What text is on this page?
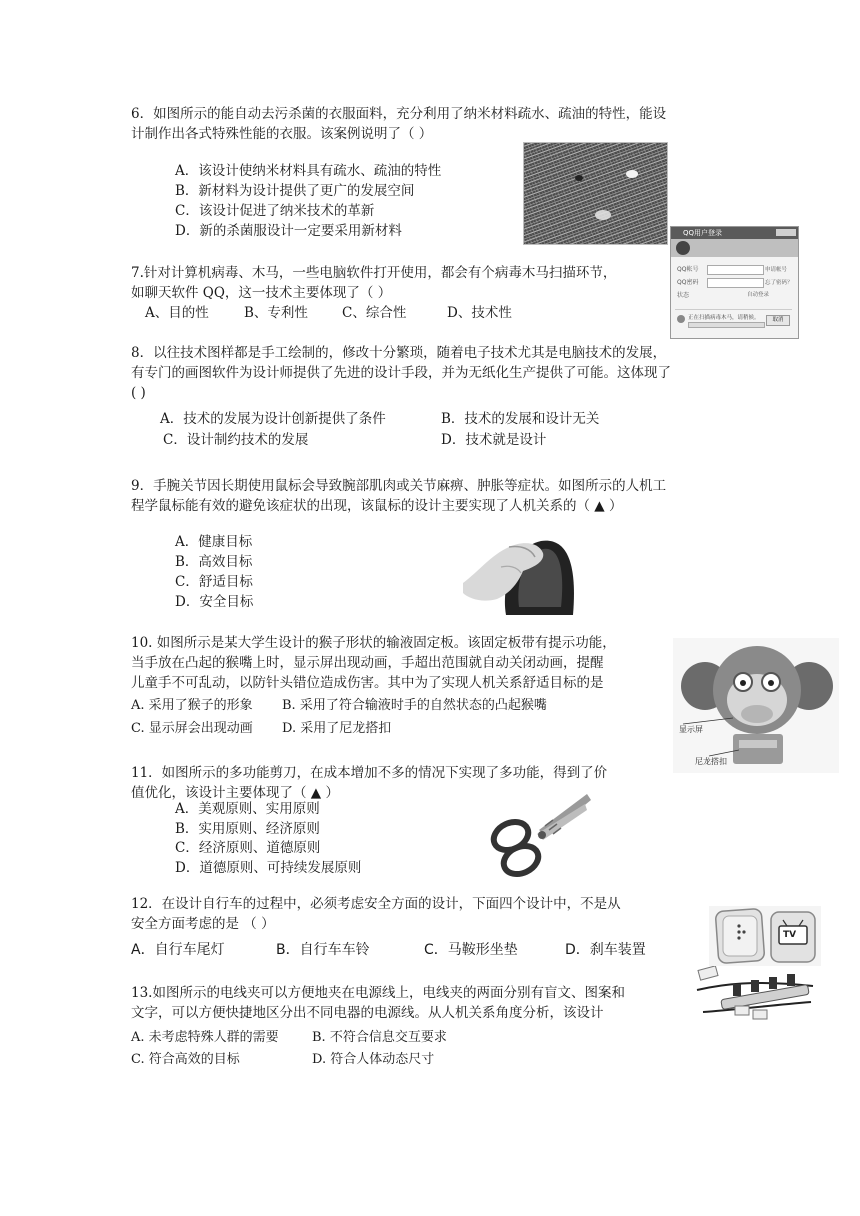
6．如图所示的能自动去污杀菌的衣服面料，充分利用了纳米材料疏水、疏油的特性，能设
计制作出各式特殊性能的衣服。该案例说明了（ ）
A．该设计使纳米材料具有疏水、疏油的特性
B．新材料为设计提供了更广的发展空间
C．该设计促进了纳米技术的革新
D．新的杀菌服设计一定要采用新材料
7.针对计算机病毒、木马，一些电脑软件打开使用，都会有个病毒木马扫描环节，
如聊天软件 QQ，这一技术主要体现了（ ）
A、目的性	B、专利性	C、综合性	D、技术性
QQ用户登录
QQ帐号
QQ密码
状态
申请帐号
忘了密码？
自动登录
正在扫描病毒木马，请稍候。	取消
8．以往技术图样都是手工绘制的，修改十分繁琐，随着电子技术尤其是电脑技术的发展，
有专门的画图软件为设计师提供了先进的设计手段，并为无纸化生产提供了可能。这体现了
( )
A．技术的发展为设计创新提供了条件	B．技术的发展和设计无关
C．设计制约技术的发展	D．技术就是设计
9．手腕关节因长期使用鼠标会导致腕部肌肉或关节麻痹、肿胀等症状。如图所示的人机工
程学鼠标能有效的避免该症状的出现，该鼠标的设计主要实现了人机关系的（ ▲ ）
A．健康目标
B．高效目标
C．舒适目标
D．安全目标
10. 如图所示是某大学生设计的猴子形状的输液固定板。该固定板带有提示功能，
当手放在凸起的猴嘴上时，显示屏出现动画，手超出范围就自动关闭动画，提醒
儿童手不可乱动，以防针头错位造成伤害。其中为了实现人机关系舒适目标的是
A. 采用了猴子的形象 B. 采用了符合输液时手的自然状态的凸起猴嘴
C. 显示屏会出现动画 D. 采用了尼龙搭扣	显示屏
尼龙搭扣
11．如图所示的多功能剪刀，在成本增加不多的情况下实现了多功能，得到了价
值优化，该设计主要体现了（ ▲ ）
A．美观原则、实用原则
B．实用原则、经济原则
C．经济原则、道德原则
D．道德原则、可持续发展原则
12．在设计自行车的过程中，必须考虑安全方面的设计，下面四个设计中，不是从
安全方面考虑的是 （ ）
A．自行车尾灯	B．自行车车铃	C．马鞍形坐垫	D．刹车装置
TV
13.如图所示的电线夹可以方便地夹在电源线上，电线夹的两面分别有盲文、图案和
文字，可以方便快捷地区分出不同电器的电源线。从人机关系角度分析，该设计
A. 未考虑特殊人群的需要	B. 不符合信息交互要求
C. 符合高效的目标	D. 符合人体动态尺寸
